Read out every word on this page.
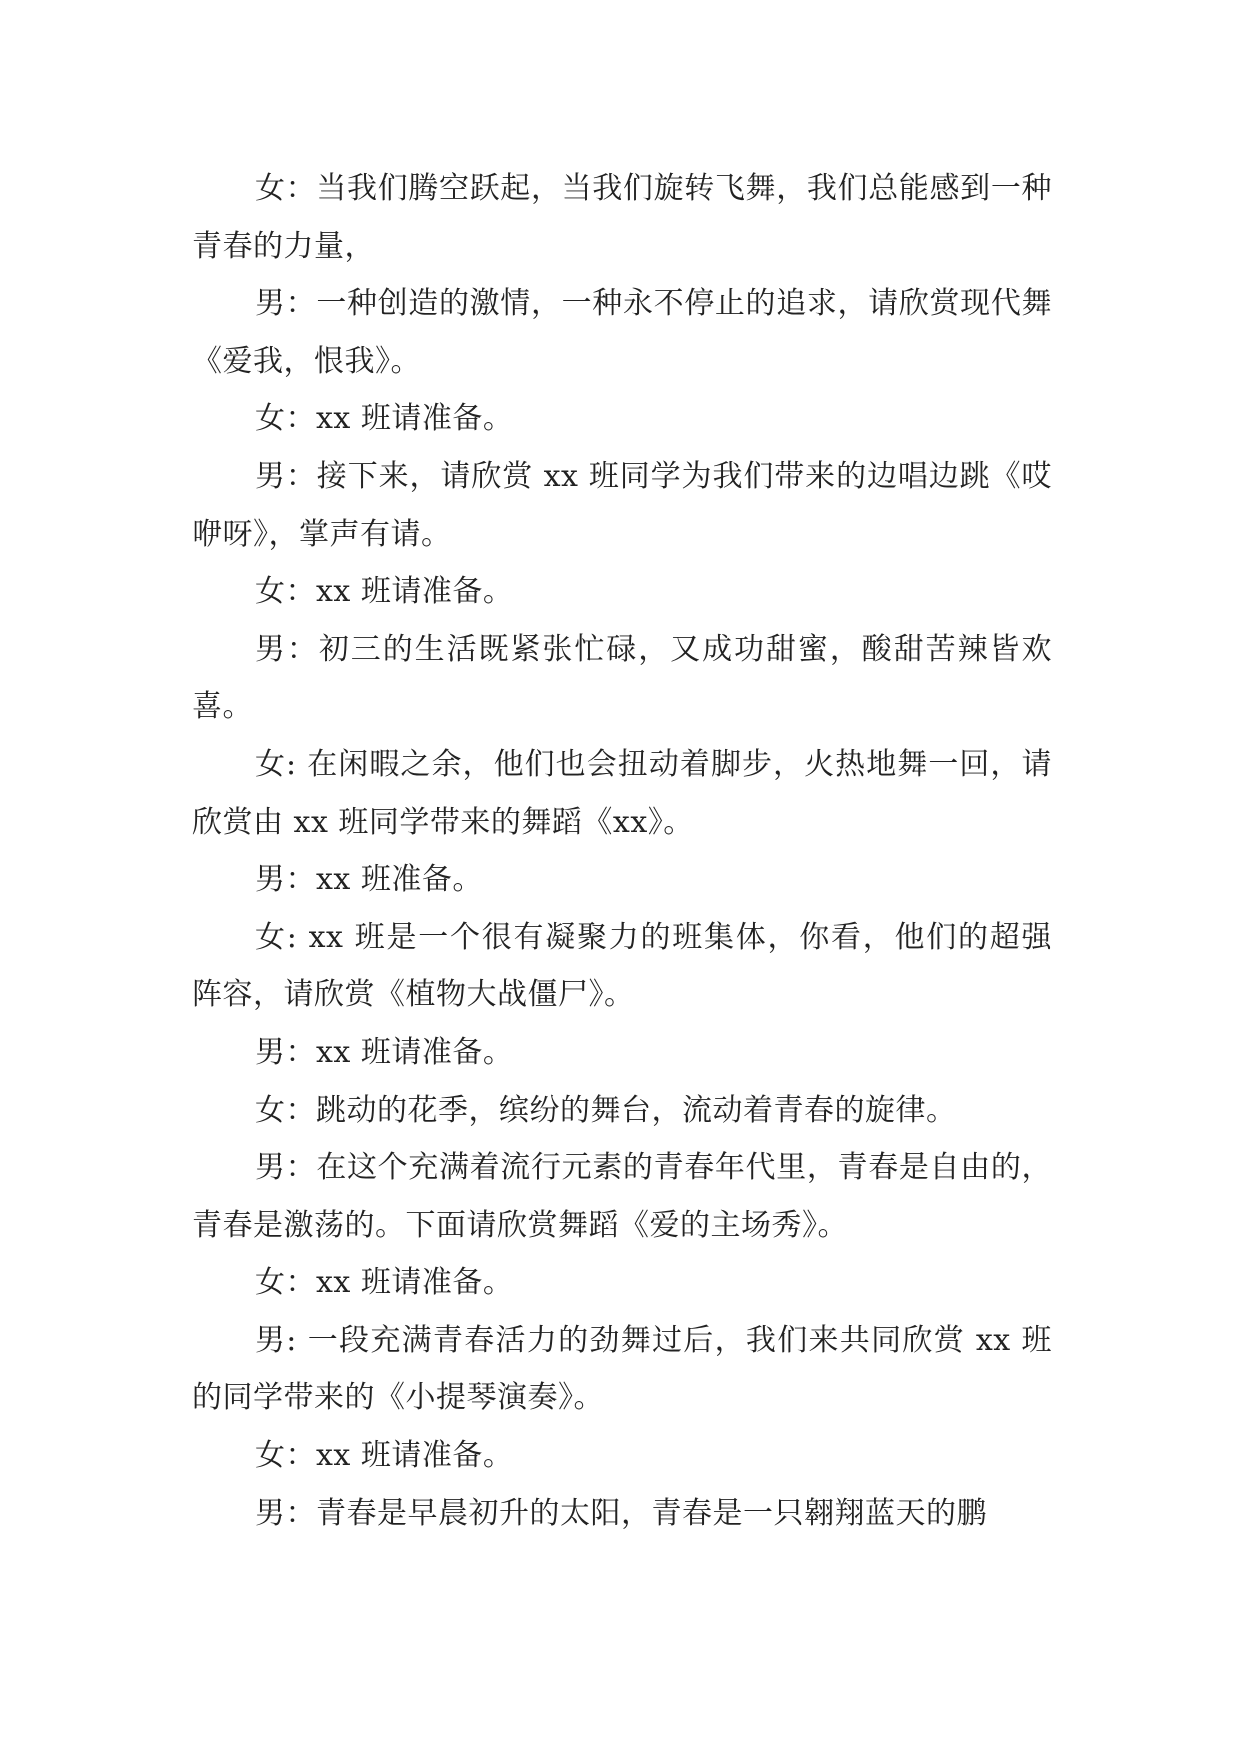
女：当我们腾空跃起，当我们旋转飞舞，我们总能感到一种青春的力量，

男：一种创造的激情，一种永不停止的追求，请欣赏现代舞《爱我，恨我》。

女：xx 班请准备。

男：接下来，请欣赏 xx 班同学为我们带来的边唱边跳《哎咿呀》，掌声有请。

女：xx 班请准备。

男：初三的生活既紧张忙碌，又成功甜蜜，酸甜苦辣皆欢喜。

女: 在闲暇之余，他们也会扭动着脚步，火热地舞一回，请欣赏由 xx 班同学带来的舞蹈《xx》。

男：xx 班准备。

女: xx 班是一个很有凝聚力的班集体，你看，他们的超强阵容，请欣赏《植物大战僵尸》。

男：xx 班请准备。

女：跳动的花季，缤纷的舞台，流动着青春的旋律。

男：在这个充满着流行元素的青春年代里，青春是自由的，青春是激荡的。下面请欣赏舞蹈《爱的主场秀》。

女：xx 班请准备。

男: 一段充满青春活力的劲舞过后，我们来共同欣赏 xx 班的同学带来的《小提琴演奏》。

女：xx 班请准备。

男：青春是早晨初升的太阳，青春是一只翱翔蓝天的鹏
